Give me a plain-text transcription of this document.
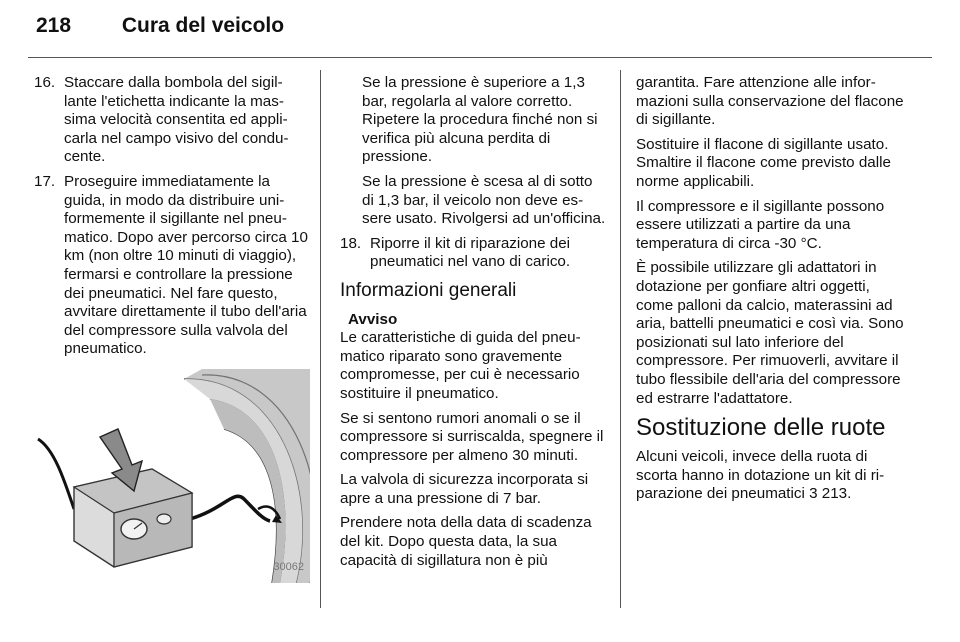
218 Cura del veicolo
16. Staccare dalla bombola del sigillante l'etichetta indicante la massima velocità consentita ed applicarla nel campo visivo del conducente.
17. Proseguire immediatamente la guida, in modo da distribuire uniformemente il sigillante nel pneumatico. Dopo aver percorso circa 10 km (non oltre 10 minuti di viaggio), fermarsi e controllare la pressione dei pneumatici. Nel fare questo, avvitare direttamente il tubo dell'aria del compressore sulla valvola del pneumatico.
30062

Se la pressione è superiore a 1,3 bar, regolarla al valore corretto. Ripetere la procedura finché non si verifica più alcuna perdita di pressione.

Se la pressione è scesa al di sotto di 1,3 bar, il veicolo non deve essere usato. Rivolgersi ad un'officina.

18. Riporre il kit di riparazione dei pneumatici nel vano di carico.
Informazioni generali
Avviso

Le caratteristiche di guida del pneumatico riparato sono gravemente compromesse, per cui è necessario sostituire il pneumatico.

Se si sentono rumori anomali o se il compressore si surriscalda, spegnere il compressore per almeno 30 minuti.

La valvola di sicurezza incorporata si apre a una pressione di 7 bar.

Prendere nota della data di scadenza del kit. Dopo questa data, la sua capacità di sigillatura non è più

garantita. Fare attenzione alle informazioni sulla conservazione del flacone di sigillante.

Sostituire il flacone di sigillante usato. Smaltire il flacone come previsto dalle norme applicabili.

Il compressore e il sigillante possono essere utilizzati a partire da una temperatura di circa -30 °C.

È possibile utilizzare gli adattatori in dotazione per gonfiare altri oggetti, come palloni da calcio, materassini ad aria, battelli pneumatici e così via. Sono posizionati sul lato inferiore del compressore. Per rimuoverli, avvitare il tubo flessibile dell'aria del compressore ed estrarre l'adattatore.

Sostituzione delle ruote

Alcuni veicoli, invece della ruota di scorta hanno in dotazione un kit di riparazione dei pneumatici 3 213.
